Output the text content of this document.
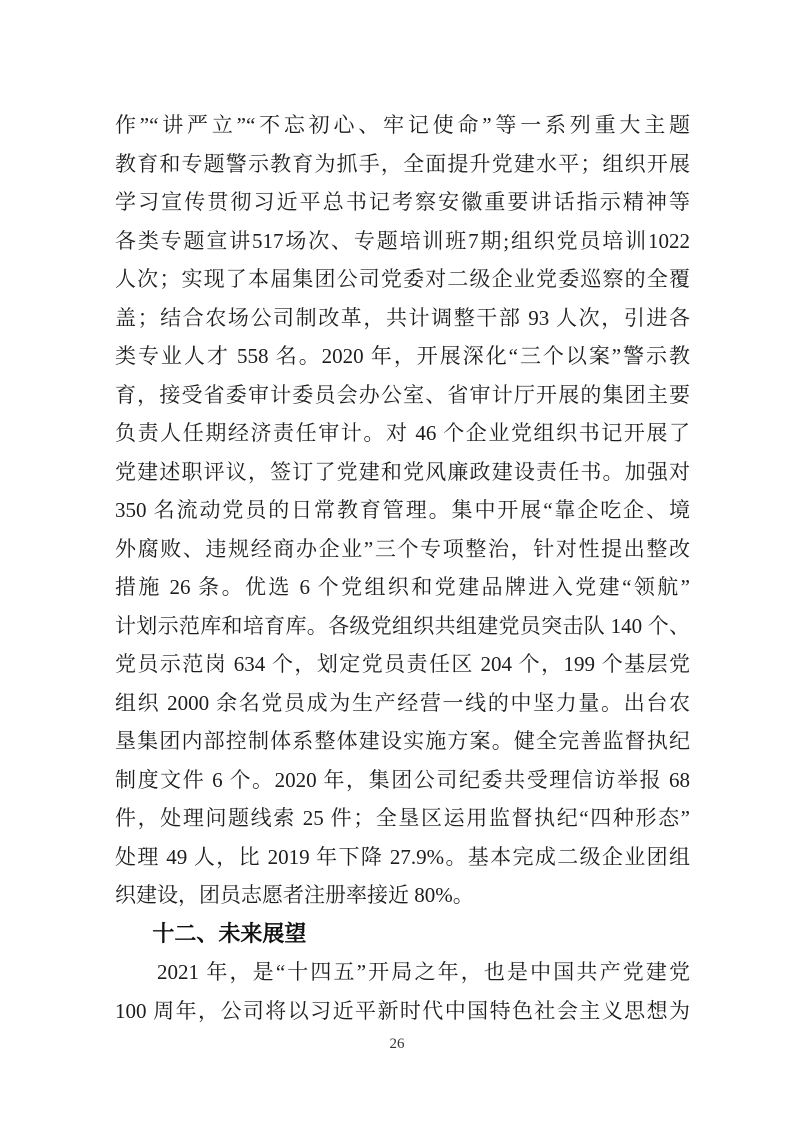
作”“讲严立”“不忘初心、牢记使命”等一系列重大主题
教育和专题警示教育为抓手，全面提升党建水平；组织开展
学习宣传贯彻习近平总书记考察安徽重要讲话指示精神等
各类专题宣讲517场次、专题培训班7期;组织党员培训1022
人次；实现了本届集团公司党委对二级企业党委巡察的全覆
盖；结合农场公司制改革，共计调整干部 93 人次，引进各
类专业人才 558 名。2020 年，开展深化“三个以案”警示教
育，接受省委审计委员会办公室、省审计厅开展的集团主要
负责人任期经济责任审计。对 46 个企业党组织书记开展了
党建述职评议，签订了党建和党风廉政建设责任书。加强对
350 名流动党员的日常教育管理。集中开展“靠企吃企、境
外腐败、违规经商办企业”三个专项整治，针对性提出整改
措施 26 条。优选 6 个党组织和党建品牌进入党建“领航”
计划示范库和培育库。各级党组织共组建党员突击队 140 个、
党员示范岗 634 个，划定党员责任区 204 个，199 个基层党
组织 2000 余名党员成为生产经营一线的中坚力量。出台农
垦集团内部控制体系整体建设实施方案。健全完善监督执纪
制度文件 6 个。2020 年，集团公司纪委共受理信访举报 68
件，处理问题线索 25 件；全垦区运用监督执纪“四种形态”
处理 49 人，比 2019 年下降 27.9%。基本完成二级企业团组
织建设，团员志愿者注册率接近 80%。
十二、未来展望
2021 年，是“十四五”开局之年，也是中国共产党建党
100 周年，公司将以习近平新时代中国特色社会主义思想为
26
